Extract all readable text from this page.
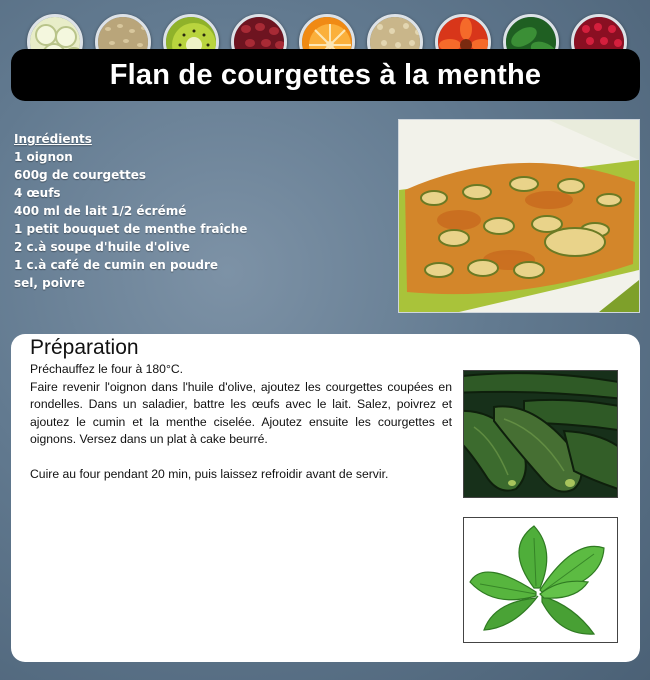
Flan de courgettes à la menthe
Ingrédients
1 oignon
600g de courgettes
4 œufs
400 ml de lait 1/2 écrémé
1 petit bouquet de menthe fraîche
2 c.à soupe d'huile d'olive
1 c.à café de cumin en poudre
sel, poivre
Préparation

Préchauffez le four à 180°C.

Faire revenir l'oignon dans l'huile d'olive, ajoutez les courgettes coupées en rondelles. Dans un saladier, battre les œufs avec le lait. Salez, poivrez et ajoutez le cumin et la menthe ciselée. Ajoutez ensuite les courgettes et oignons. Versez dans un plat à cake beurré.

Cuire au four pendant 20 min, puis laissez refroidir avant de servir.
